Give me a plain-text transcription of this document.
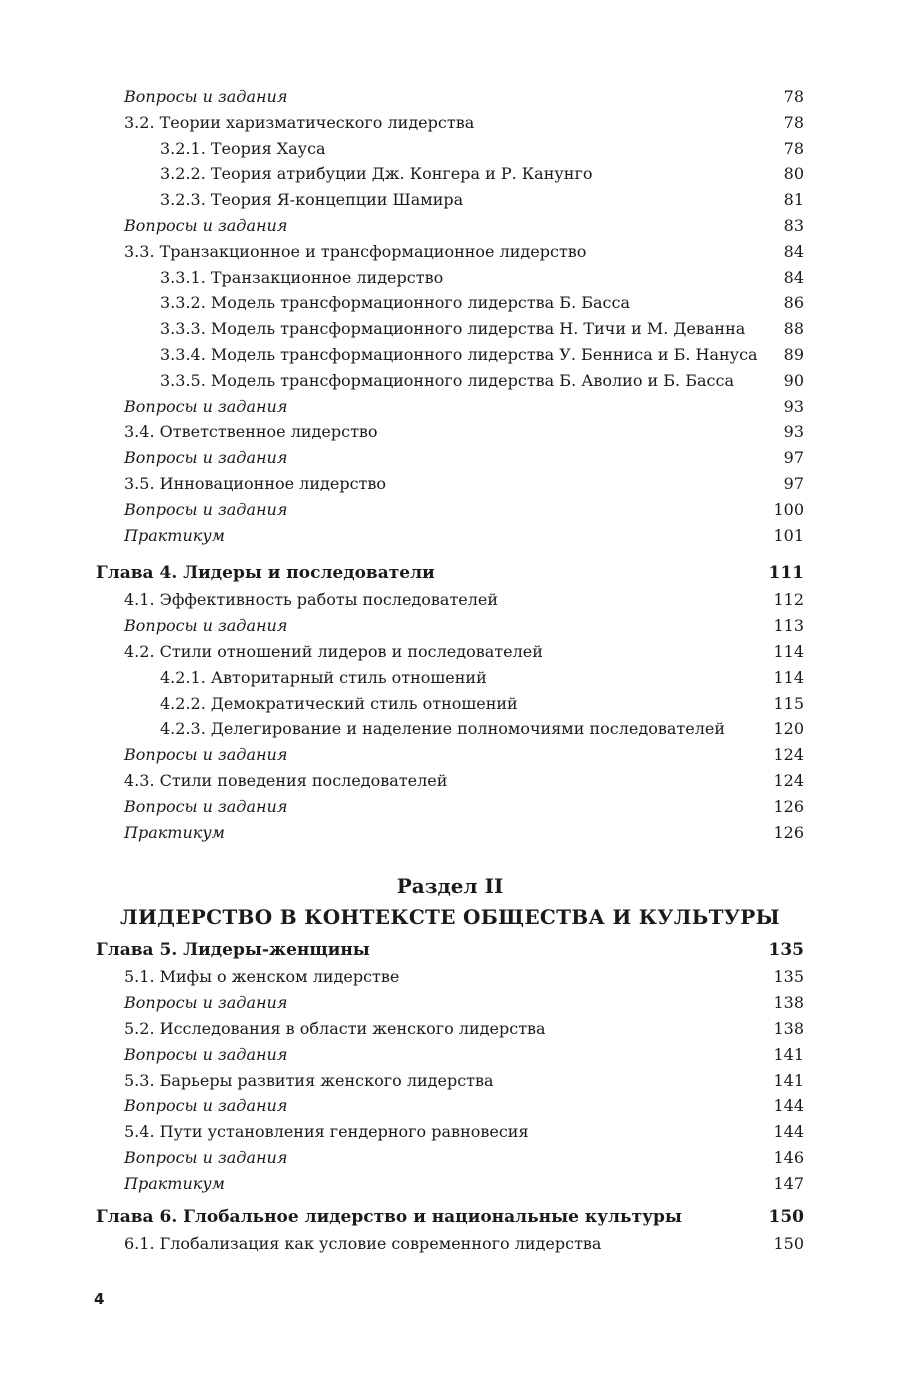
Вопросы и задания	78
3.2. Теории харизматического лидерства	78
3.2.1. Теория Хауса	78
3.2.2. Теория атрибуции Дж. Конгера и Р. Канунго	80
3.2.3. Теория Я-концепции Шамира	81
Вопросы и задания	83
3.3. Транзакционное и трансформационное лидерство	84
3.3.1. Транзакционное лидерство	84
3.3.2. Модель трансформационного лидерства Б. Басса	86
3.3.3. Модель трансформационного лидерства Н. Тичи и М. Деванна 88
3.3.4. Модель трансформационного лидерства У. Бенниса и Б. Нануса 89
3.3.5. Модель трансформационного лидерства Б. Аволио и Б. Басса	90
Вопросы и задания	93
3.4. Ответственное лидерство	93
Вопросы и задания	97
3.5. Инновационное лидерство	97
Вопросы и задания	100
Практикум	101
Глава 4. Лидеры и последователи	111
4.1. Эффективность работы последователей	112
Вопросы и задания	113
4.2. Стили отношений лидеров и последователей	114
4.2.1. Авторитарный стиль отношений	114
4.2.2. Демократический стиль отношений	115
4.2.3. Делегирование и наделение полномочиями последователей	120
Вопросы и задания	124
4.3. Стили поведения последователей	124
Вопросы и задания	126
Практикум	126
Раздел II
ЛИДЕРСТВО В КОНТЕКСТЕ ОБЩЕСТВА И КУЛЬТУРЫ
Глава 5. Лидеры-женщины	135
5.1. Мифы о женском лидерстве	135
Вопросы и задания	138
5.2. Исследования в области женского лидерства	138
Вопросы и задания	141
5.3. Барьеры развития женского лидерства	141
Вопросы и задания	144
5.4. Пути установления гендерного равновесия	144
Вопросы и задания	146
Практикум	147
Глава 6. Глобальное лидерство и национальные культуры	150
6.1. Глобализация как условие современного лидерства	150
4
